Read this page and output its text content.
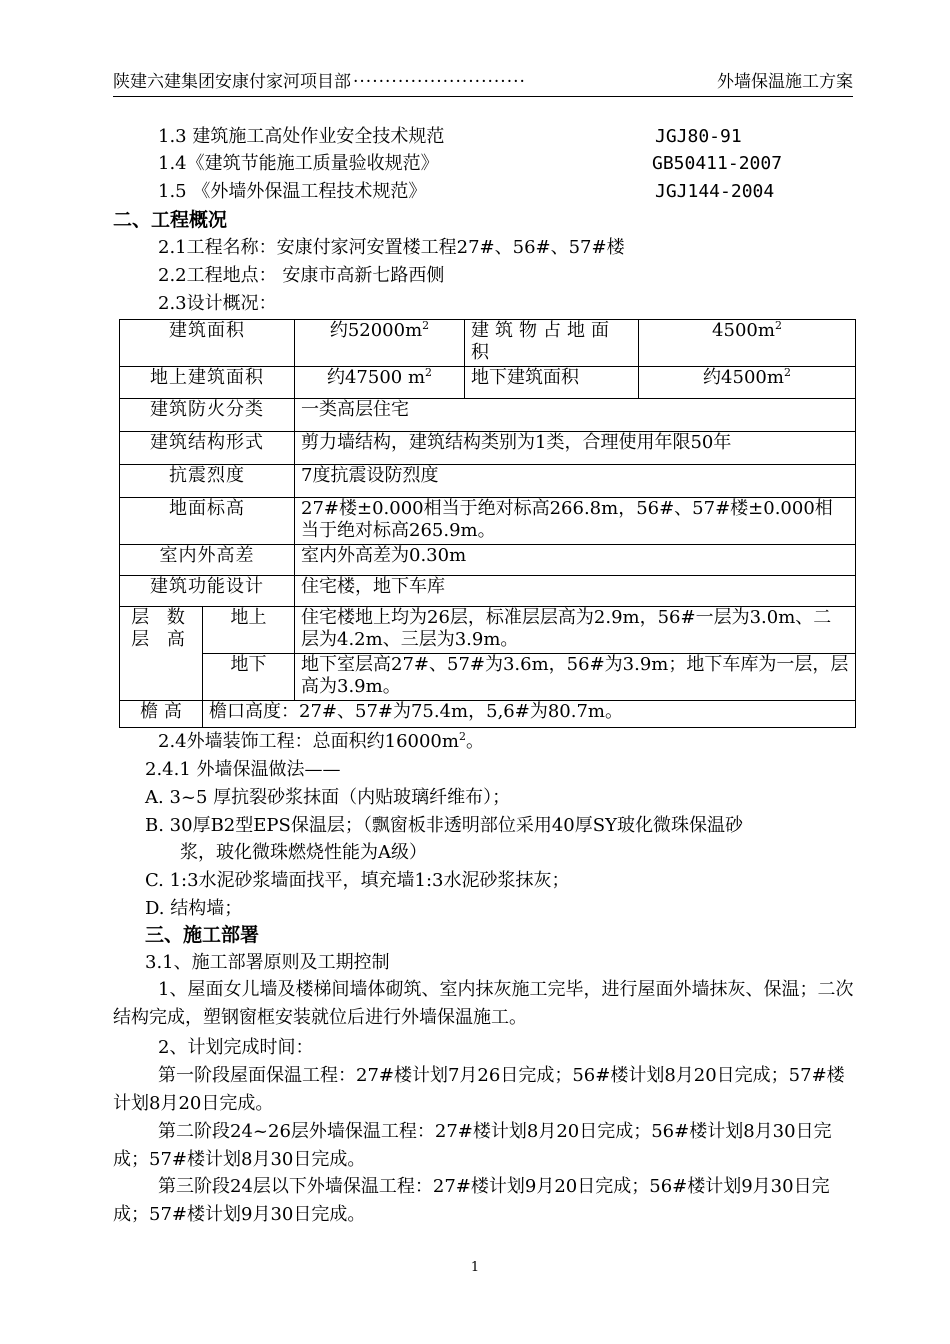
陕建六建集团安康付家河项目部 ···························	外墙保温施工方案
1.3 建筑施工高处作业安全技术规范	JGJ80-91
1.4《建筑节能施工质量验收规范》	GB50411-2007
1.5 《外墙外保温工程技术规范》	JGJ144-2004
二、工程概况
2.1工程名称：安康付家河安置楼工程27#、56#、57#楼
2.2工程地点： 安康市高新七路西侧
2.3设计概况：
建筑面积		约$52000m^2$	建筑物占地面积	$4500m^2$
地上建筑面积		约47500 $m^2$	地下建筑面积	约$4500m^2$
建筑防火分类		一类高层住宅		
建筑结构形式		剪力墙结构，建筑结构类别为1类，合理使用年限50年		
抗震烈度		7度抗震设防烈度		
地面标高		27#楼±0.000相当于绝对标高266.8m，56#、57#楼±0.000相当于绝对标高265.9m。		
室内外高差		室内外高差为0.30m		
建筑功能设计		住宅楼，地下车库		
层 数 层 高	地上	住宅楼地上均为26层，标准层层高为2.9m，56#一层为3.0m、二层为4.2m、三层为3.9m。		
	地下	地下室层高27#、57#为3.6m，56#为3.9m；地下车库为一层，层高为3.9m。		
檐 高	檐口高度：27#、57#为75.4m，5,6#为80.7m。			
2.4外墙装饰工程：总面积约$16000m^2$。
2.4.1 外墙保温做法——
A. 3~5 厚抗裂砂浆抹面（内贴玻璃纤维布）；
B. 30厚B2型EPS保温层；（飘窗板非透明部位采用40厚SY玻化微珠保温砂
浆，玻化微珠燃烧性能为A级）
C. 1:3水泥砂浆墙面找平，填充墙1:3水泥砂浆抹灰；
D. 结构墙；
三、施工部署
3.1、施工部署原则及工期控制
1、屋面女儿墙及楼梯间墙体砌筑、室内抹灰施工完毕，进行屋面外墙抹灰、保温；二次结构完成，塑钢窗框安装就位后进行外墙保温施工。
2、计划完成时间：
第一阶段屋面保温工程：27#楼计划7月26日完成；56#楼计划8月20日完成；57#楼计划8月20日完成。
第二阶段24~26层外墙保温工程：27#楼计划8月20日完成；56#楼计划8月30日完成；57#楼计划8月30日完成。
第三阶段24层以下外墙保温工程：27#楼计划9月20日完成；56#楼计划9月30日完成；57#楼计划9月30日完成。
1
